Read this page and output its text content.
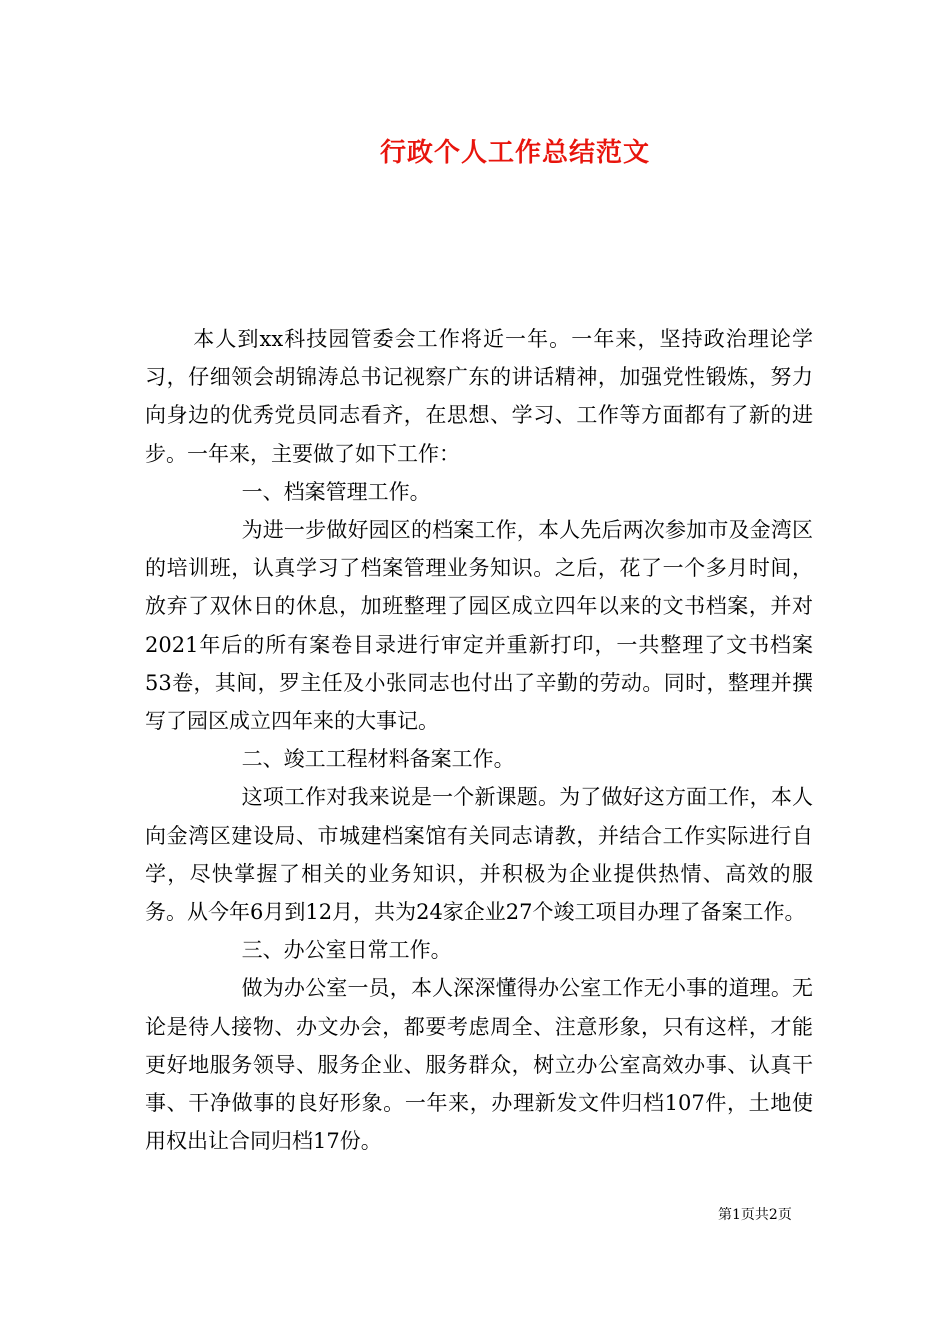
行政个人工作总结范文

本人到xx科技园管委会工作将近一年。一年来，坚持政治理论学习，仔细领会胡锦涛总书记视察广东的讲话精神，加强党性锻炼，努力向身边的优秀党员同志看齐，在思想、学习、工作等方面都有了新的进步。一年来，主要做了如下工作：

一、档案管理工作。

为进一步做好园区的档案工作，本人先后两次参加市及金湾区的培训班，认真学习了档案管理业务知识。之后，花了一个多月时间，放弃了双休日的休息，加班整理了园区成立四年以来的文书档案，并对2021年后的所有案卷目录进行审定并重新打印，一共整理了文书档案53卷，其间，罗主任及小张同志也付出了辛勤的劳动。同时，整理并撰写了园区成立四年来的大事记。

二、竣工工程材料备案工作。

这项工作对我来说是一个新课题。为了做好这方面工作，本人向金湾区建设局、市城建档案馆有关同志请教，并结合工作实际进行自学，尽快掌握了相关的业务知识，并积极为企业提供热情、高效的服务。从今年6月到12月，共为24家企业27个竣工项目办理了备案工作。

三、办公室日常工作。

做为办公室一员，本人深深懂得办公室工作无小事的道理。无论是待人接物、办文办会，都要考虑周全、注意形象，只有这样，才能更好地服务领导、服务企业、服务群众，树立办公室高效办事、认真干事、干净做事的良好形象。一年来，办理新发文件归档107件，土地使用权出让合同归档17份。

第1页共2页
